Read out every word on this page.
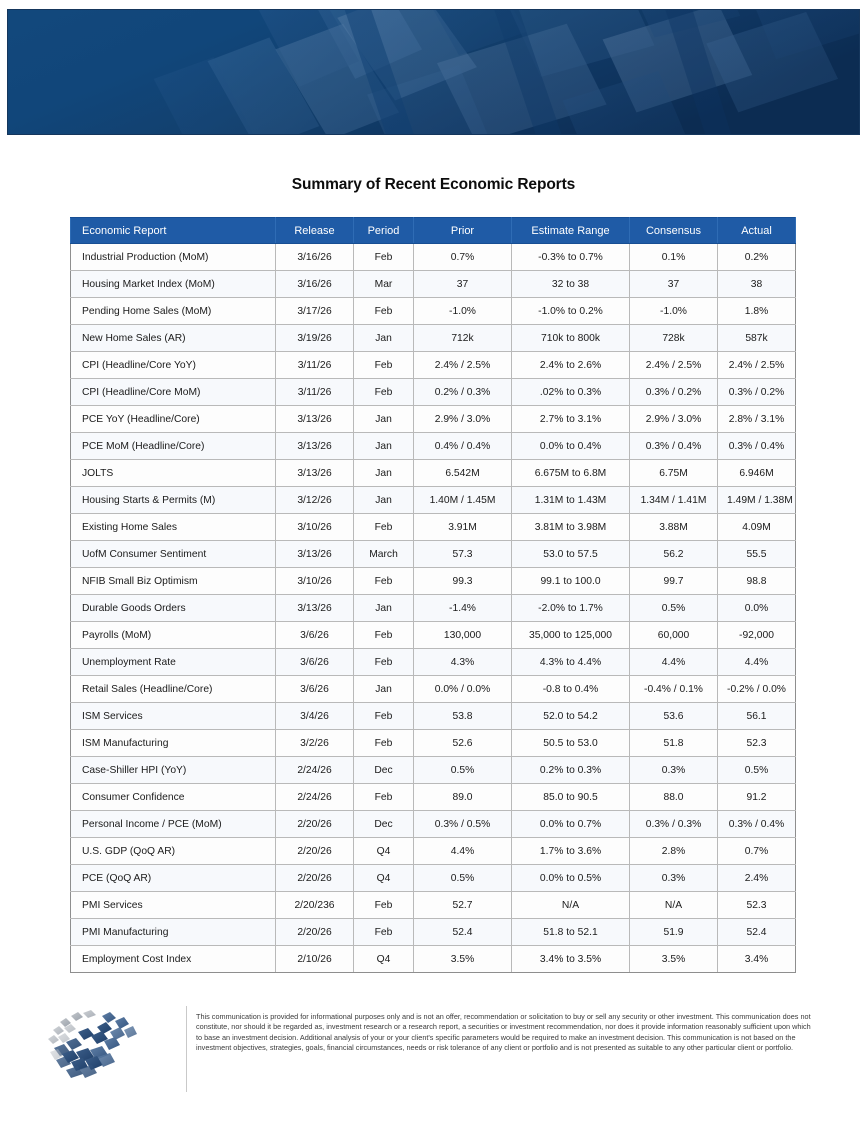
Summary of Recent Economic Reports
Economic Report	Release	Period	Prior	Estimate Range	Consensus	Actual
Industrial Production (MoM)	3/16/26	Feb	0.7%	-0.3% to 0.7%	0.1%	0.2%
Housing Market Index (MoM)	3/16/26	Mar	37	32 to 38	37	38
Pending Home Sales (MoM)	3/17/26	Feb	-1.0%	-1.0% to 0.2%	-1.0%	1.8%
New Home Sales (AR)	3/19/26	Jan	712k	710k to 800k	728k	587k
CPI (Headline/Core YoY)	3/11/26	Feb	2.4% / 2.5%	2.4% to 2.6%	2.4% / 2.5%	2.4% / 2.5%
CPI (Headline/Core MoM)	3/11/26	Feb	0.2% / 0.3%	.02% to 0.3%	0.3% / 0.2%	0.3% / 0.2%
PCE YoY (Headline/Core)	3/13/26	Jan	2.9% / 3.0%	2.7% to 3.1%	2.9% / 3.0%	2.8% / 3.1%
PCE MoM (Headline/Core)	3/13/26	Jan	0.4% / 0.4%	0.0% to 0.4%	0.3% / 0.4%	0.3% / 0.4%
JOLTS	3/13/26	Jan	6.542M	6.675M to 6.8M	6.75M	6.946M
Housing Starts & Permits (M)	3/12/26	Jan	1.40M / 1.45M	1.31M to 1.43M	1.34M / 1.41M	1.49M / 1.38M
Existing Home Sales	3/10/26	Feb	3.91M	3.81M to 3.98M	3.88M	4.09M
UofM Consumer Sentiment	3/13/26	March	57.3	53.0 to 57.5	56.2	55.5
NFIB Small Biz Optimism	3/10/26	Feb	99.3	99.1 to 100.0	99.7	98.8
Durable Goods Orders	3/13/26	Jan	-1.4%	-2.0% to 1.7%	0.5%	0.0%
Payrolls (MoM)	3/6/26	Feb	130,000	35,000 to 125,000	60,000	-92,000
Unemployment Rate	3/6/26	Feb	4.3%	4.3% to 4.4%	4.4%	4.4%
Retail Sales (Headline/Core)	3/6/26	Jan	0.0% / 0.0%	-0.8 to 0.4%	-0.4% / 0.1%	-0.2% / 0.0%
ISM Services	3/4/26	Feb	53.8	52.0 to 54.2	53.6	56.1
ISM Manufacturing	3/2/26	Feb	52.6	50.5 to 53.0	51.8	52.3
Case-Shiller HPI (YoY)	2/24/26	Dec	0.5%	0.2% to 0.3%	0.3%	0.5%
Consumer Confidence	2/24/26	Feb	89.0	85.0 to 90.5	88.0	91.2
Personal Income / PCE (MoM)	2/20/26	Dec	0.3% / 0.5%	0.0% to 0.7%	0.3% / 0.3%	0.3% / 0.4%
U.S. GDP (QoQ AR)	2/20/26	Q4	4.4%	1.7% to 3.6%	2.8%	0.7%
PCE (QoQ AR)	2/20/26	Q4	0.5%	0.0% to 0.5%	0.3%	2.4%
PMI Services	2/20/236	Feb	52.7	N/A	N/A	52.3
PMI Manufacturing	2/20/26	Feb	52.4	51.8 to 52.1	51.9	52.4
Employment Cost Index	2/10/26	Q4	3.5%	3.4% to 3.5%	3.5%	3.4%
This communication is provided for informational purposes only and is not an offer, recommendation or solicitation to buy or sell any security or other investment. This communication does not constitute, nor should it be regarded as, investment research or a research report, a securities or investment recommendation, nor does it provide information reasonably sufficient upon which to base an investment decision. Additional analysis of your or your client's specific parameters would be required to make an investment decision. This communication is not based on the investment objectives, strategies, goals, financial circumstances, needs or risk tolerance of any client or portfolio and is not presented as suitable to any other particular client or portfolio.
